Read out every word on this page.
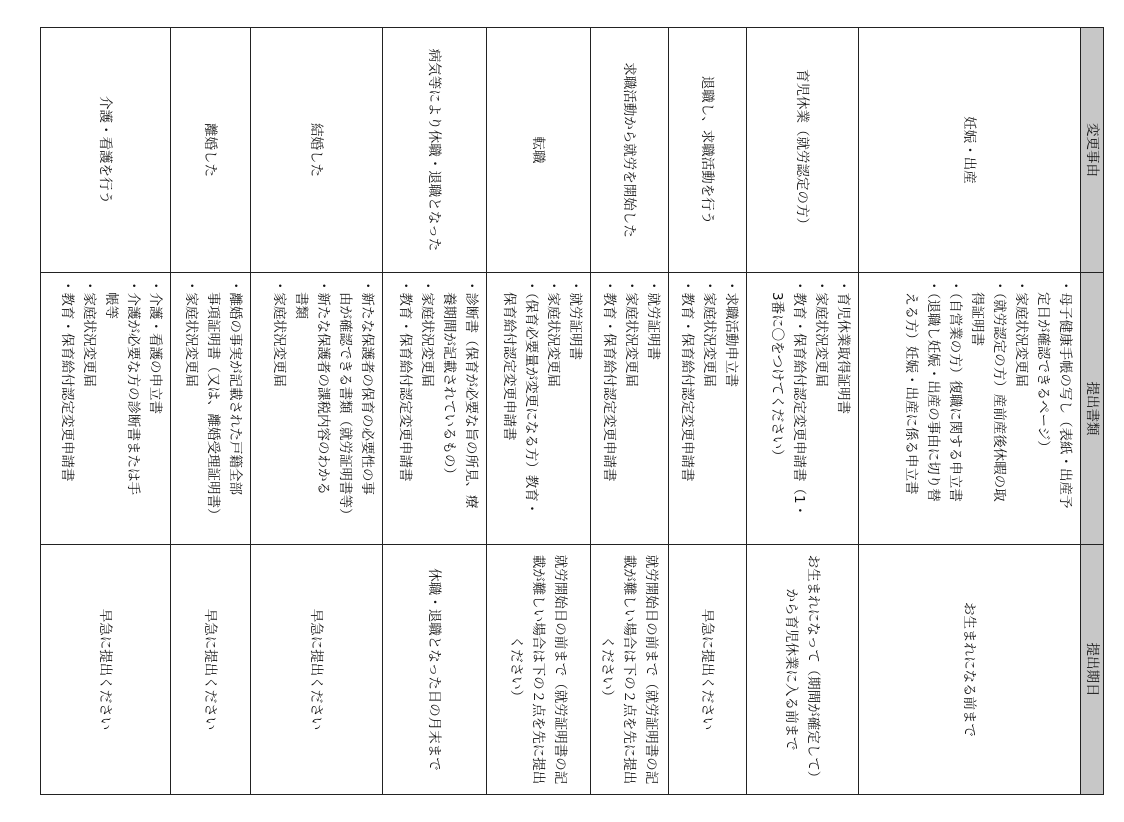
変更事由
提出書類
提出期日
妊娠・出産
・母子健康手帳の写し（表紙・出産予
定日が確認できるページ）
・家庭状況変更届
・（就労認定の方）産前産後休暇の取
得証明書
・（自営業の方）復職に関する申立書
・（退職し妊娠・出産の事由に切り替
える方）妊娠・出産に係る申立書
お生まれになる前まで
育児休業（就労認定の方）
・育児休業取得証明書
・家庭状況変更届
・教育・保育給付認定変更申請書（1・
3番に〇をつけてください）
お生まれになって（期間が確定して）から育児休業に入る前まで
退職し、求職活動を行う
・求職活動申立書
・家庭状況変更届
・教育・保育給付認定変更申請書
早急に提出ください
求職活動から就労を開始した
・就労証明書
・家庭状況変更届
・教育・保育給付認定変更申請書
就労開始日の前まで（就労証明書の記載が難しい場合は下の２点を先に提出ください）
転職
・就労証明書
・家庭状況変更届
・（保育必要量が変更になる方）教育・
保育給付認定変更申請書
就労開始日の前まで（就労証明書の記載が難しい場合は下の２点を先に提出ください）
病気等により休職・退職となった
・診断書（保育が必要な旨の所見、療
養期間が記載されているもの）
・家庭状況変更届
・教育・保育給付認定変更申請書
休職・退職となった日の月末まで
結婚した
・新たな保護者の保育の必要性の事
由が確認できる書類（就労証明書等）
・新たな保護者の課税内容のわかる
書類
・家庭状況変更届
早急に提出ください
離婚した
・離婚の事実が記載された戸籍全部
事項証明書（又は、離婚受理証明書）
・家庭状況変更届
早急に提出ください
介護・看護を行う
・介護・看護の申立書
・介護が必要な方の診断書または手
帳等
・家庭状況変更届
・教育・保育給付認定変更申請書
早急に提出ください
